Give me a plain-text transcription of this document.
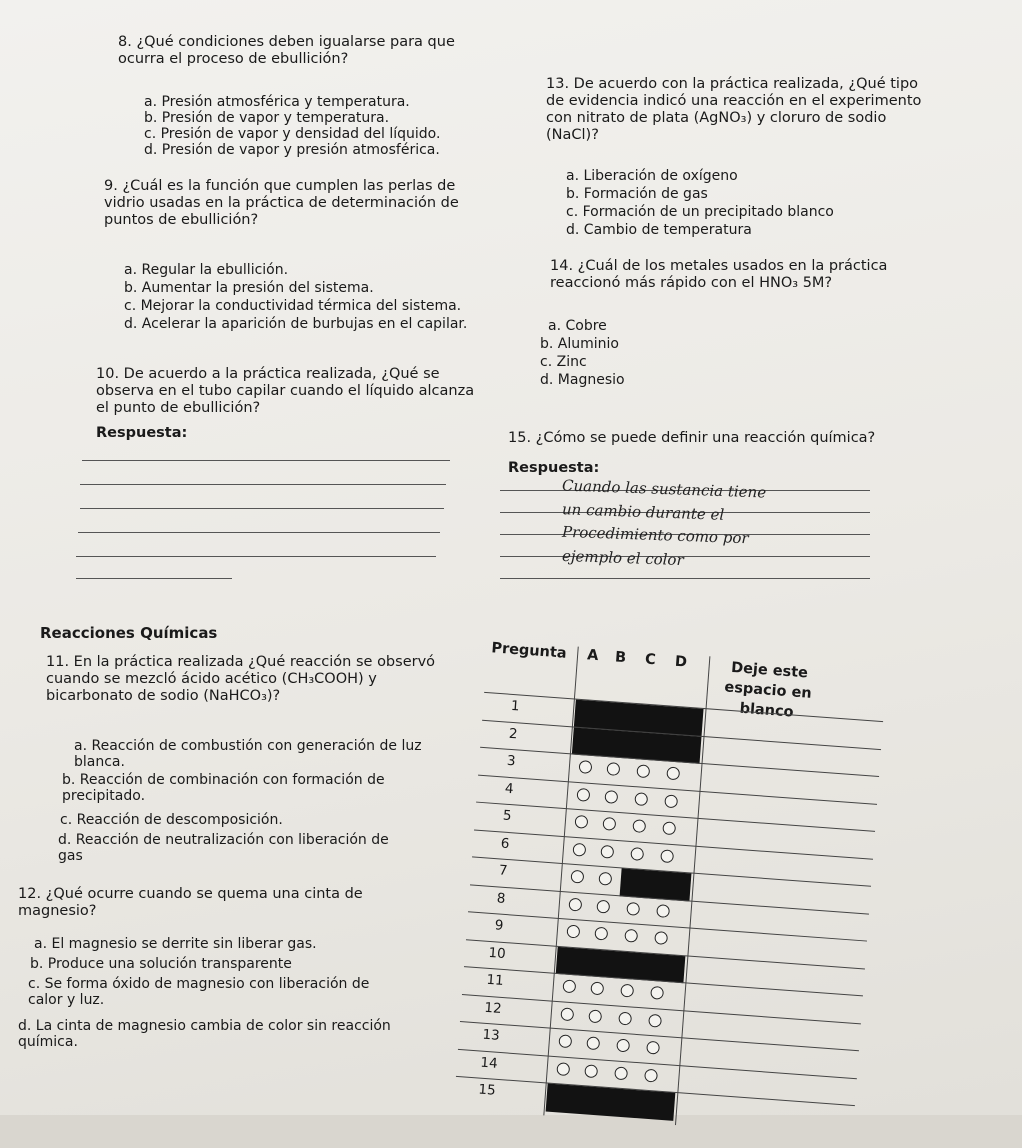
8. ¿Qué condiciones deben igualarse para que ocurra el proceso de ebullición?
a. Presión atmosférica y temperatura.
b. Presión de vapor y temperatura.
c. Presión de vapor y densidad del líquido.
d. Presión de vapor y presión atmosférica.
9. ¿Cuál es la función que cumplen las perlas de vidrio usadas en la práctica de determinación de puntos de ebullición?
a. Regular la ebullición.
b. Aumentar la presión del sistema.
c. Mejorar la conductividad térmica del sistema.
d. Acelerar la aparición de burbujas en el capilar.
10. De acuerdo a la práctica realizada, ¿Qué se observa en el tubo capilar cuando el líquido alcanza el punto de ebullición?
Respuesta:
Reacciones Químicas
11. En la práctica realizada ¿Qué reacción se observó cuando se mezcló ácido acético (CH₃COOH) y bicarbonato de sodio (NaHCO₃)?
a. Reacción de combustión con generación de luz blanca.
b. Reacción de combinación con formación de precipitado.
c. Reacción de descomposición.
d. Reacción de neutralización con liberación de gas
12. ¿Qué ocurre cuando se quema una cinta de magnesio?
a. El magnesio se derrite sin liberar gas.
b. Produce una solución transparente
c. Se forma óxido de magnesio con liberación de calor y luz.
d. La cinta de magnesio cambia de color sin reacción química.
13. De acuerdo con la práctica realizada, ¿Qué tipo de evidencia indicó una reacción en el experimento con nitrato de plata (AgNO₃) y cloruro de sodio (NaCl)?
a. Liberación de oxígeno
b. Formación de gas
c. Formación de un precipitado blanco
d. Cambio de temperatura
14. ¿Cuál de los metales usados en la práctica reaccionó más rápido con el HNO₃ 5M?
a. Cobre
b. Aluminio
c. Zinc
d. Magnesio
15. ¿Cómo se puede definir una reacción química?
Respuesta:
Cuando las sustancia tiene
un cambio durante el
Procedimiento como por
ejemplo el color
Pregunta A B C D	Deje este espacio en blanco
1
2
3
4
5
6
7
8
9
10
11
12
13
14
15
